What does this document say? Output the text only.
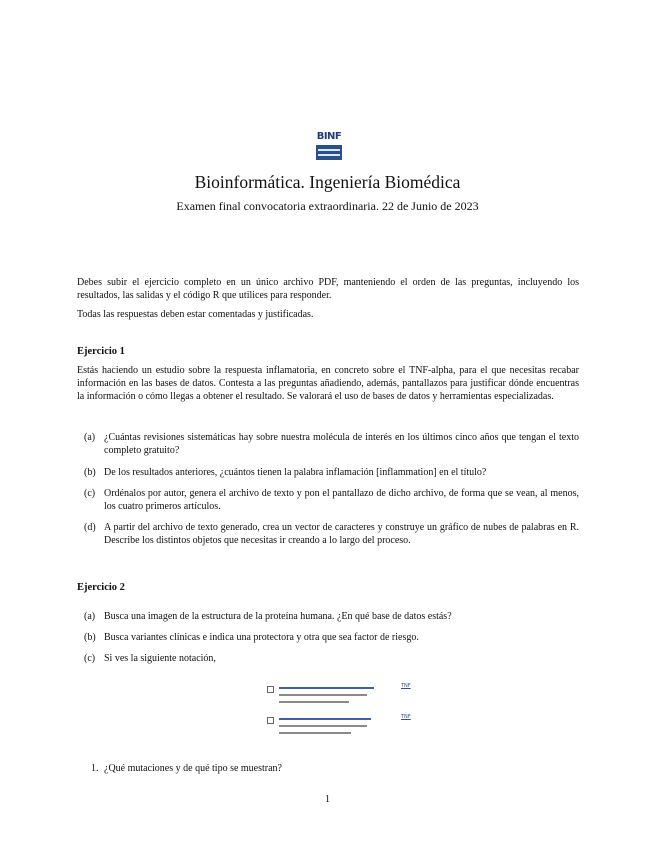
BINF
Bioinformática. Ingeniería Biomédica
Examen final convocatoria extraordinaria. 22 de Junio de 2023
Debes subir el ejercicio completo en un único archivo PDF, manteniendo el orden de las preguntas, incluyendo los resultados, las salidas y el código R que utilices para responder.
Todas las respuestas deben estar comentadas y justificadas.
Ejercicio 1
Estás haciendo un estudio sobre la respuesta inflamatoria, en concreto sobre el TNF-alpha, para el que necesitas recabar información en las bases de datos. Contesta a las preguntas añadiendo, además, pantallazos para justificar dónde encuentras la información o cómo llegas a obtener el resultado. Se valorará el uso de bases de datos y herramientas especializadas.
(a) ¿Cuántas revisiones sistemáticas hay sobre nuestra molécula de interés en los últimos cinco años que tengan el texto completo gratuito?
(b) De los resultados anteriores, ¿cuántos tienen la palabra inflamación [inflammation] en el título?
(c) Ordénalos por autor, genera el archivo de texto y pon el pantallazo de dicho archivo, de forma que se vean, al menos, los cuatro primeros artículos.
(d) A partir del archivo de texto generado, crea un vector de caracteres y construye un gráfico de nubes de palabras en R. Describe los distintos objetos que necesitas ir creando a lo largo del proceso.
Ejercicio 2
(a) Busca una imagen de la estructura de la proteína humana. ¿En qué base de datos estás?
(b) Busca variantes clínicas e indica una protectora y otra que sea factor de riesgo.
(c) Si ves la siguiente notación,
TNF
TNF
1. ¿Qué mutaciones y de qué tipo se muestran?
1
